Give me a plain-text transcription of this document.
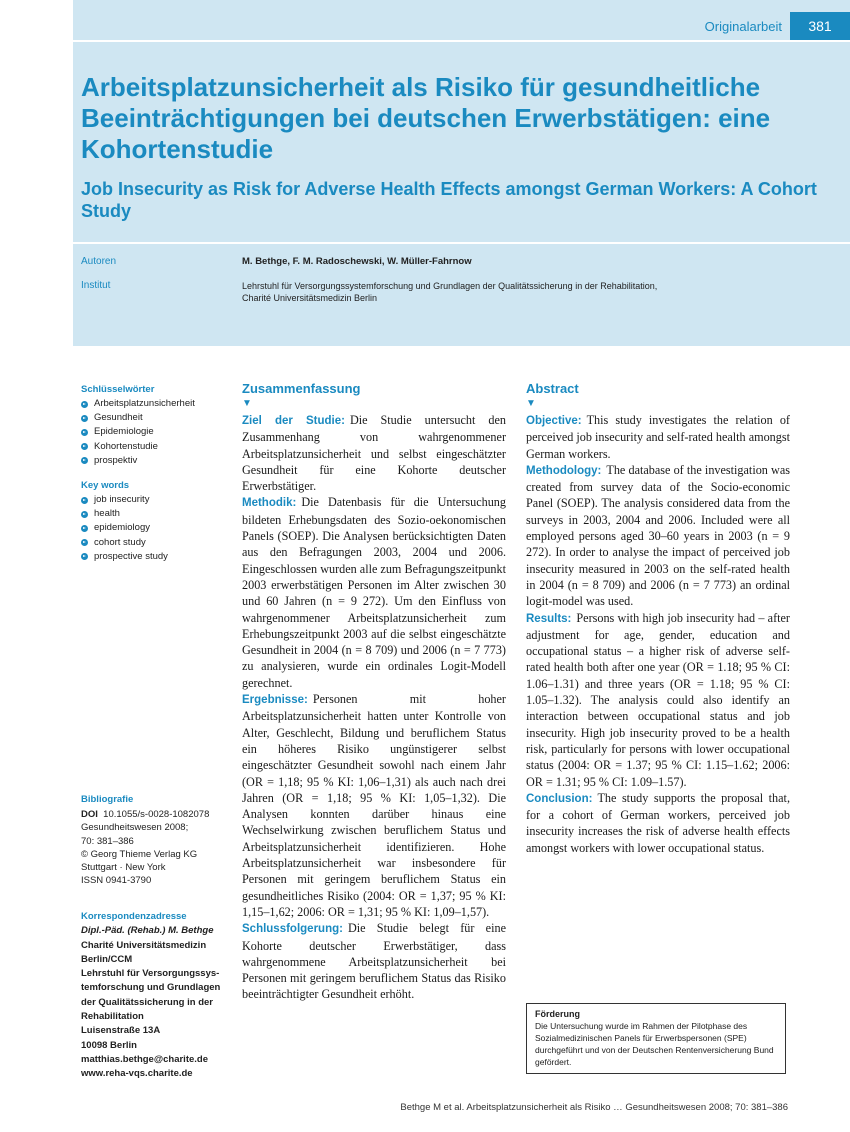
Originalarbeit	381
Arbeitsplatzunsicherheit als Risiko für gesundheitliche Beeinträchtigungen bei deutschen Erwerbstätigen: eine Kohortenstudie
Job Insecurity as Risk for Adverse Health Effects amongst German Workers: A Cohort Study
Autoren	M. Bethge, F. M. Radoschewski, W. Müller-Fahrnow
Institut	Lehrstuhl für Versorgungssystemforschung und Grundlagen der Qualitätssicherung in der Rehabilitation,
Charité Universitätsmedizin Berlin
Schlüsselwörter
Arbeitsplatzunsicherheit
Gesundheit
Epidemiologie
Kohortenstudie
prospektiv
Key words
job insecurity
health
epidemiology
cohort study
prospective study
Bibliografie
DOI 10.1055/s-0028-1082078
Gesundheitswesen 2008;
70: 381–386
© Georg Thieme Verlag KG
Stuttgart · New York
ISSN 0941-3790
Korrespondenzadresse
Dipl.-Päd. (Rehab.) M. Bethge
Charité Universitätsmedizin
Berlin/CCM
Lehrstuhl für Versorgungssys-
temforschung und Grundlagen
der Qualitätssicherung in der
Rehabilitation
Luisenstraße 13A
10098 Berlin
matthias.bethge@charite.de
www.reha-vqs.charite.de
Zusammenfassung
▼

Ziel der Studie: Die Studie untersucht den Zusammenhang von wahrgenommener Arbeitsplatzunsicherheit und selbst eingeschätzter Gesundheit für eine Kohorte deutscher Erwerbstätiger.

Methodik: Die Datenbasis für die Untersuchung bildeten Erhebungsdaten des Sozio-oekonomischen Panels (SOEP). Die Analysen berücksichtigten Daten aus den Befragungen 2003, 2004 und 2006. Eingeschlossen wurden alle zum Befragungszeitpunkt 2003 erwerbstätigen Personen im Alter zwischen 30 und 60 Jahren (n = 9 272). Um den Einfluss von wahrgenommener Arbeitsplatzunsicherheit zum Erhebungszeitpunkt 2003 auf die selbst eingeschätzte Gesundheit in 2004 (n = 8 709) und 2006 (n = 7 773) zu analysieren, wurde ein ordinales Logit-Modell gerechnet.

Ergebnisse: Personen mit hoher Arbeitsplatzunsicherheit hatten unter Kontrolle von Alter, Geschlecht, Bildung und beruflichem Status ein höheres Risiko ungünstigerer selbst eingeschätzter Gesundheit sowohl nach einem Jahr (OR = 1,18; 95 % KI: 1,06–1,31) als auch nach drei Jahren (OR = 1,18; 95 % KI: 1,05–1,32). Die Analysen konnten darüber hinaus eine Wechselwirkung zwischen beruflichem Status und Arbeitsplatzunsicherheit identifizieren. Hohe Arbeitsplatzunsicherheit war insbesondere für Personen mit geringem beruflichem Status ein gesundheitliches Risiko (2004: OR = 1,37; 95 % KI: 1,15–1,62; 2006: OR = 1,31; 95 % KI: 1,09–1,57).

Schlussfolgerung: Die Studie belegt für eine Kohorte deutscher Erwerbstätiger, dass wahrgenommene Arbeitsplatzunsicherheit bei Personen mit geringem beruflichem Status das Risiko beeinträchtigter Gesundheit erhöht.

Abstract
▼

Objective: This study investigates the relation of perceived job insecurity and self-rated health amongst German workers.

Methodology: The database of the investigation was created from survey data of the Socio-economic Panel (SOEP). The analysis considered data from the surveys in 2003, 2004 and 2006. Included were all employed persons aged 30–60 years in 2003 (n = 9 272). In order to analyse the impact of perceived job insecurity measured in 2003 on the self-rated health in 2004 (n = 8 709) and 2006 (n = 7 773) an ordinal logit-model was used.

Results: Persons with high job insecurity had – after adjustment for age, gender, education and occupational status – a higher risk of adverse self-rated health both after one year (OR = 1.18; 95 % CI: 1.06–1.31) and three years (OR = 1.18; 95 % CI: 1.05–1.32). The analysis could also identify an interaction between occupational status and job insecurity. High job insecurity proved to be a health risk, particularly for persons with lower occupational status (2004: OR = 1.37; 95 % CI: 1.15–1.62; 2006: OR = 1.31; 95 % CI: 1.09–1.57).

Conclusion: The study supports the proposal that, for a cohort of German workers, perceived job insecurity increases the risk of adverse health effects amongst workers with lower occupational status.

Förderung
Die Untersuchung wurde im Rahmen der Pilotphase des Sozialmedizinischen Panels für Erwerbspersonen (SPE) durchgeführt und von der Deutschen Rentenversicherung Bund gefördert.
Bethge M et al. Arbeitsplatzunsicherheit als Risiko … Gesundheitswesen 2008; 70: 381–386
